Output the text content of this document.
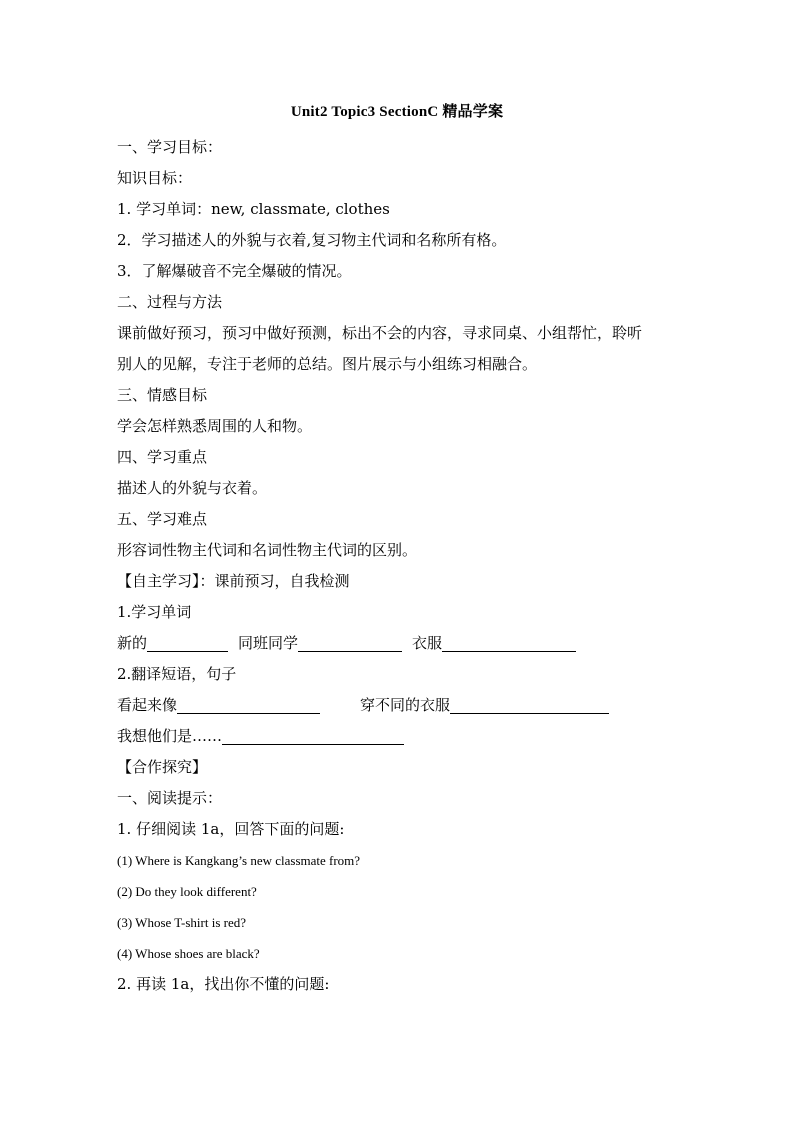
Unit2 Topic3 SectionC 精品学案
一、学习目标：
知识目标：
1. 学习单词：new, classmate, clothes
2．学习描述人的外貌与衣着,复习物主代词和名称所有格。
3．了解爆破音不完全爆破的情况。
二、过程与方法
课前做好预习，预习中做好预测，标出不会的内容，寻求同桌、小组帮忙，聆听
别人的见解，专注于老师的总结。图片展示与小组练习相融合。
三、情感目标
学会怎样熟悉周围的人和物。
四、学习重点
描述人的外貌与衣着。
五、学习难点
形容词性物主代词和名词性物主代词的区别。
【自主学习】：课前预习，自我检测
1.学习单词
新的	同班同学	衣服
2.翻译短语，句子
看起来像	穿不同的衣服
我想他们是……
【合作探究】
一、阅读提示：
1. 仔细阅读 1a，回答下面的问题:
(1) Where is Kangkang’s new classmate from?
(2) Do they look different?
(3) Whose T-shirt is red?
(4) Whose shoes are black?
2. 再读 1a，找出你不懂的问题:
